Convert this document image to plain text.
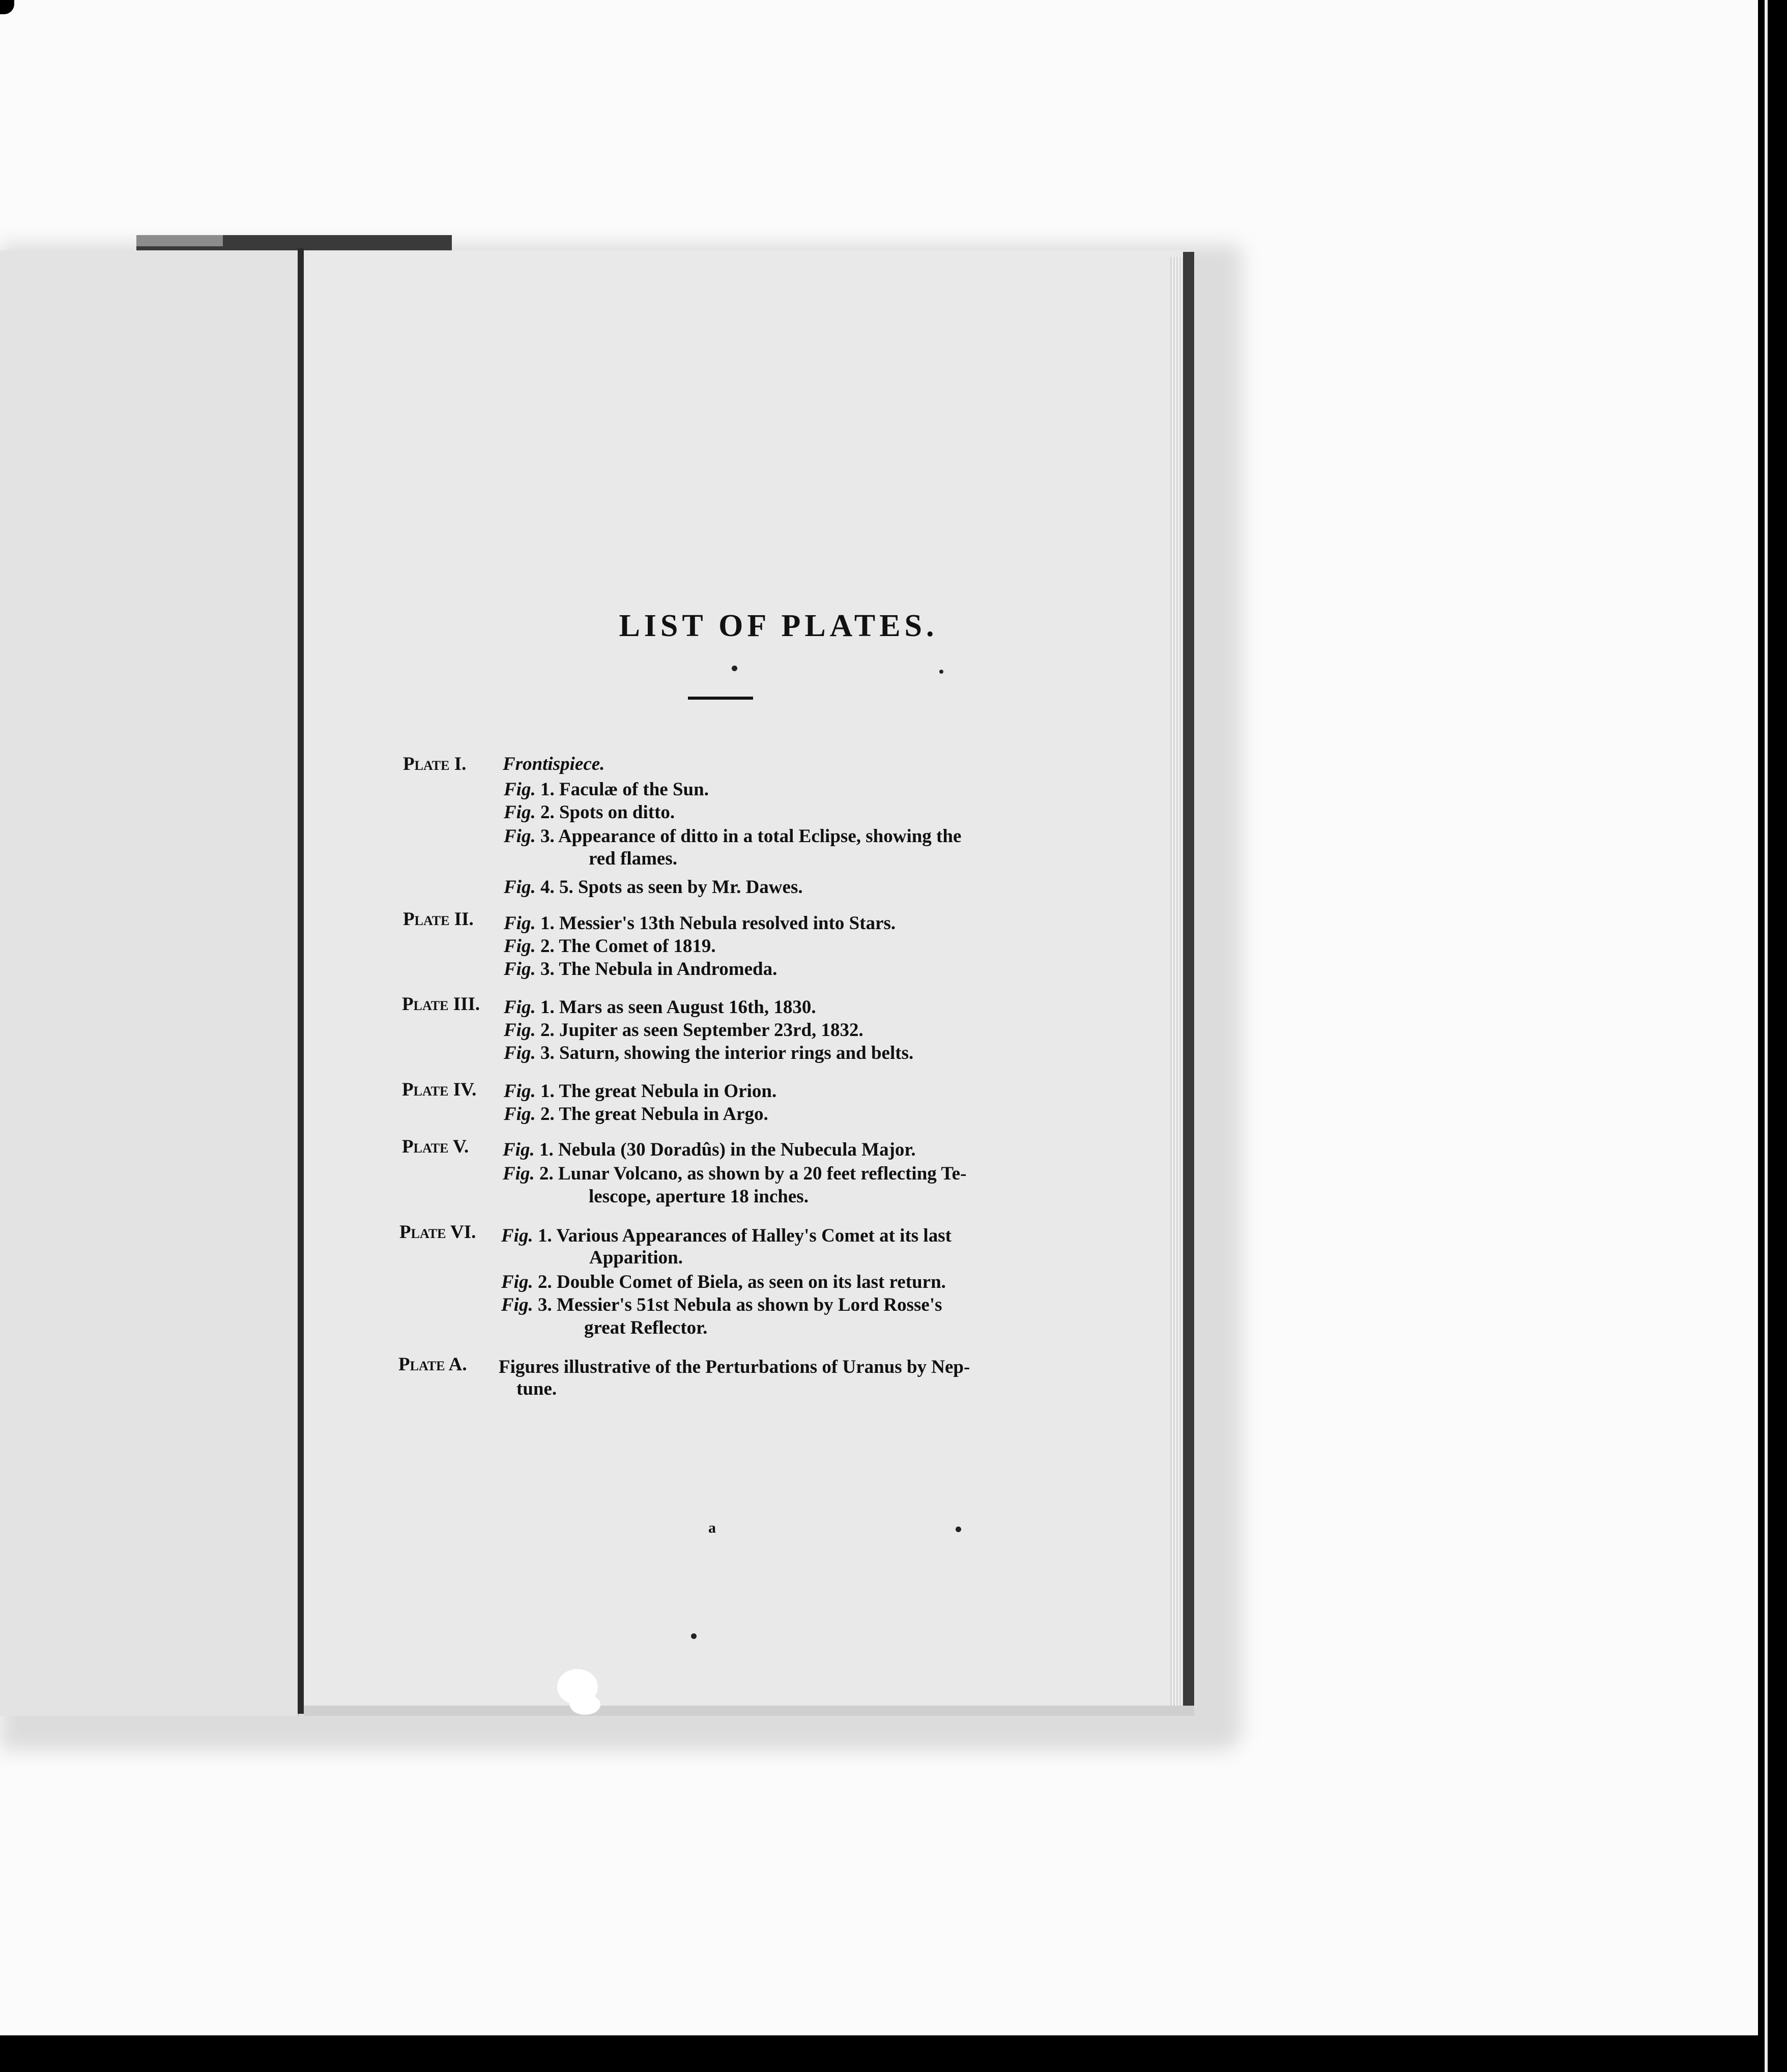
LIST OF PLATES.
Plate I. Frontispiece.
Fig. 1. Faculæ of the Sun.
Fig. 2. Spots on ditto.
Fig. 3. Appearance of ditto in a total Eclipse, showing the
red flames.
Fig. 4. 5. Spots as seen by Mr. Dawes.
Plate II. Fig. 1. Messier's 13th Nebula resolved into Stars.
Fig. 2. The Comet of 1819.
Fig. 3. The Nebula in Andromeda.
Plate III. Fig. 1. Mars as seen August 16th, 1830.
Fig. 2. Jupiter as seen September 23rd, 1832.
Fig. 3. Saturn, showing the interior rings and belts.
Plate IV. Fig. 1. The great Nebula in Orion.
Fig. 2. The great Nebula in Argo.
Plate V. Fig. 1. Nebula (30 Doradûs) in the Nubecula Major.
Fig. 2. Lunar Volcano, as shown by a 20 feet reflecting Te-
lescope, aperture 18 inches.
Plate VI. Fig. 1. Various Appearances of Halley's Comet at its last
Apparition.
Fig. 2. Double Comet of Biela, as seen on its last return.
Fig. 3. Messier's 51st Nebula as shown by Lord Rosse's
great Reflector.
Plate A. Figures illustrative of the Perturbations of Uranus by Nep-
tune.
a
